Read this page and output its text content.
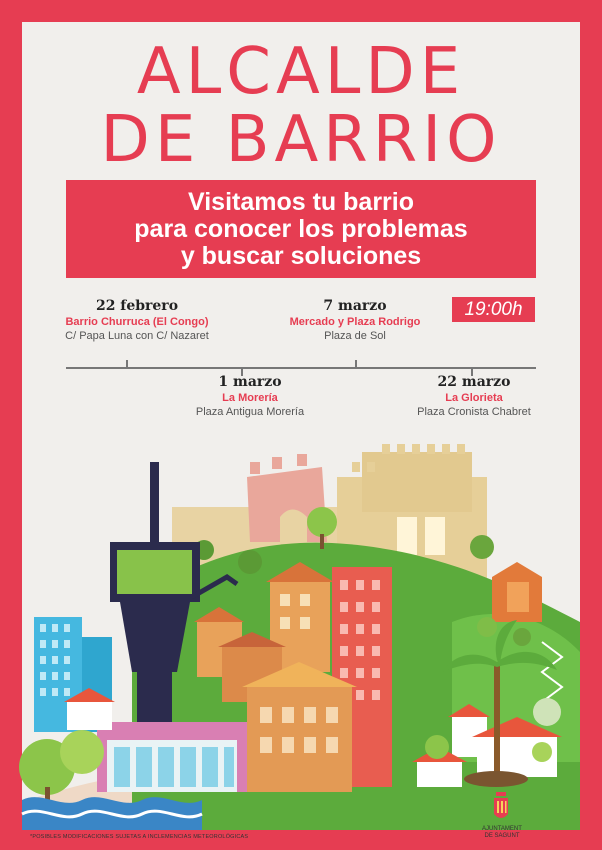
ALCALDE
DE BARRIO
Visitamos tu barrio
para conocer los problemas
y buscar soluciones
19:00h
22 febrero
Barrio Churruca (El Congo)
C/ Papa Luna con C/ Nazaret
7 marzo
Mercado y Plaza Rodrigo
Plaza de Sol
1 marzo
La Morería
Plaza Antigua Morería
22 marzo
La Glorieta
Plaza Cronista Chabret
*POSIBLES MODIFICACIONES SUJETAS A INCLEMENCIAS METEOROLÓGICAS
AJUNTAMENT
DE SAGUNT
